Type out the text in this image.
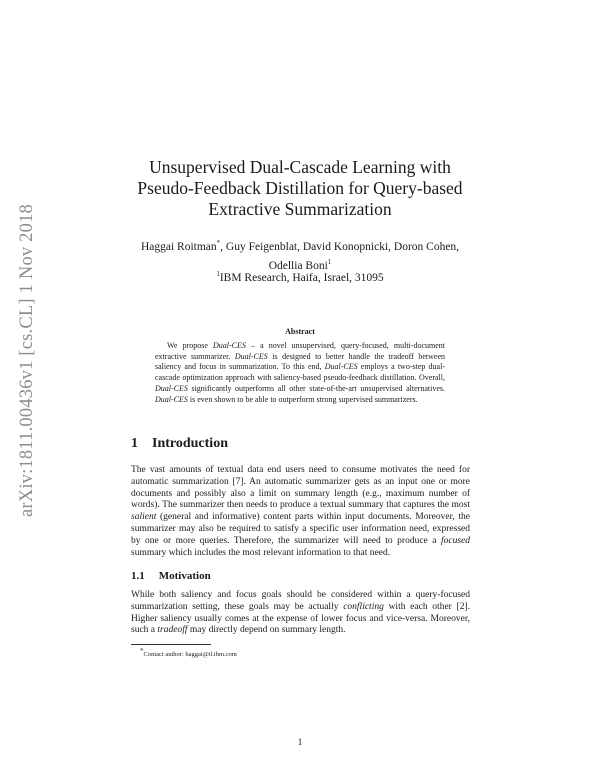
arXiv:1811.00436v1 [cs.CL] 1 Nov 2018
Unsupervised Dual-Cascade Learning with
Pseudo-Feedback Distillation for Query-based
Extractive Summarization
Haggai Roitman*, Guy Feigenblat, David Konopnicki, Doron Cohen,
Odellia Boni$^1$
$^1$IBM Research, Haifa, Israel, 31095
Abstract
We propose Dual-CES – a novel unsupervised, query-focused, multi-document extractive summarizer. Dual-CES is designed to better handle the tradeoff between saliency and focus in summarization. To this end, Dual-CES employs a two-step dual-cascade optimization approach with saliency-based pseudo-feedback distillation. Overall, Dual-CES significantly outperforms all other state-of-the-art unsupervised alternatives. Dual-CES is even shown to be able to outperform strong supervised summarizers.
1 Introduction
The vast amounts of textual data end users need to consume motivates the need for automatic summarization [7]. An automatic summarizer gets as an input one or more documents and possibly also a limit on summary length (e.g., maximum number of words). The summarizer then needs to produce a textual summary that captures the most salient (general and informative) content parts within input documents. Moreover, the summarizer may also be required to satisfy a specific user information need, expressed by one or more queries. Therefore, the summarizer will need to produce a focused summary which includes the most relevant information to that need.
1.1 Motivation
While both saliency and focus goals should be considered within a query-focused summarization setting, these goals may be actually conflicting with each other [2]. Higher saliency usually comes at the expense of lower focus and vice-versa. Moreover, such a tradeoff may directly depend on summary length.
*Contact author: haggai@il.ibm.com
1
